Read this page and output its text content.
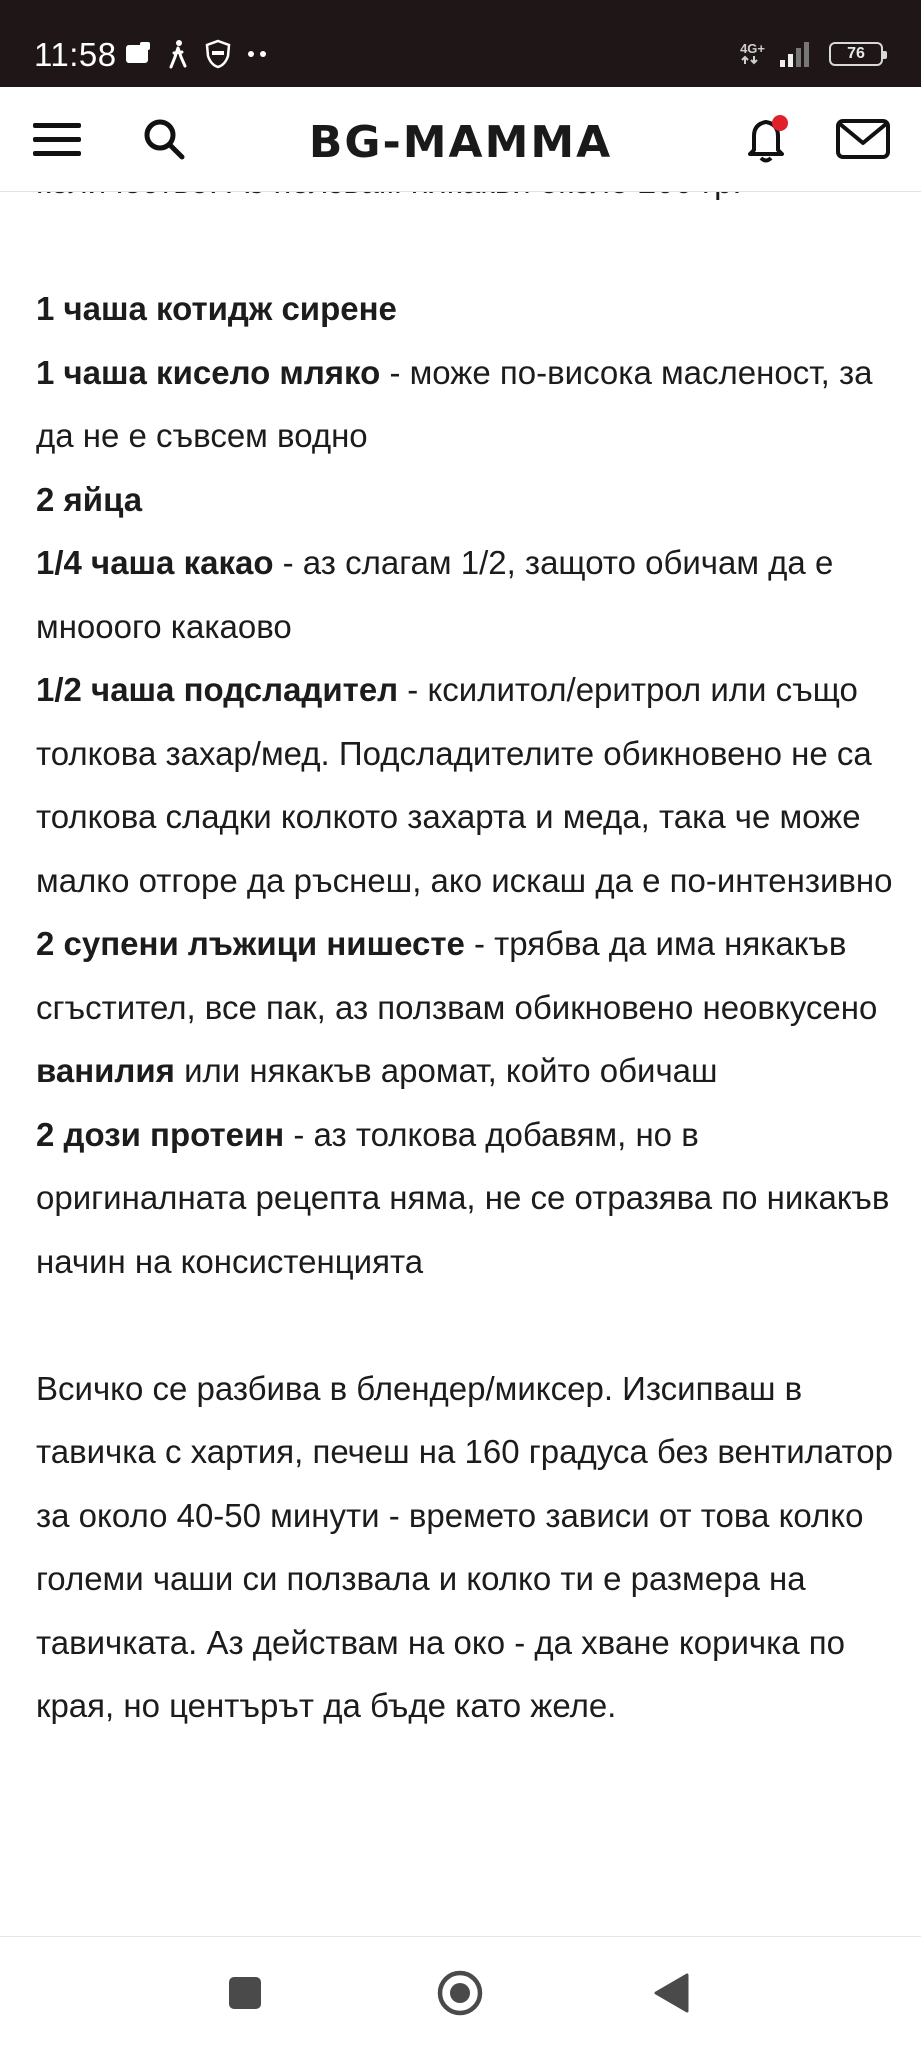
11:58	4G+	76
BG-MAMMA

1 чаша котидж сирене

1 чаша кисело мляко - може по-висока масленост, за да не е съвсем водно

2 яйца

1/4 чаша какао - аз слагам 1/2, защото обичам да е мнооого какаово

1/2 чаша подсладител - ксилитол/еритрол или също толкова захар/мед. Подсладителите обикновено не са толкова сладки колкото захарта и меда, така че може малко отгоре да ръснеш, ако искаш да е по-интензивно

2 супени лъжици нишесте - трябва да има някакъв сгъстител, все пак, аз ползвам обикновено неовкусено

ванилия или някакъв аромат, който обичаш

2 дози протеин - аз толкова добавям, но в оригиналната рецепта няма, не се отразява по никакъв начин на консистенцията

Всичко се разбива в блендер/миксер. Изсипваш в тавичка с хартия, печеш на 160 градуса без вентилатор за около 40-50 минути - времето зависи от това колко големи чаши си ползвала и колко ти е размера на тавичката. Аз действам на око - да хване коричка по края, но центърът да бъде като желе.
